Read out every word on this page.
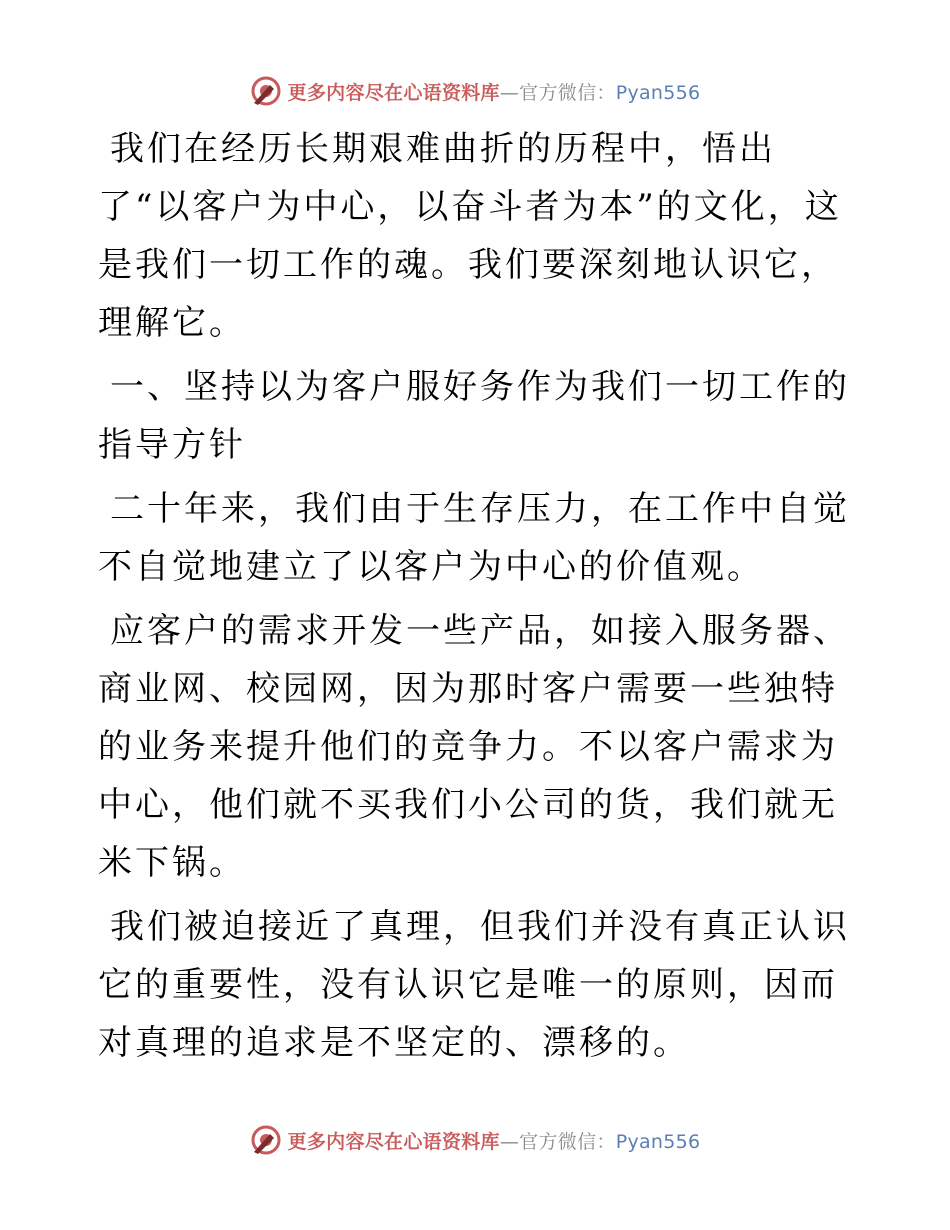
更多内容尽在心语资料库—官方微信：Pyan556

我们在经历长期艰难曲折的历程中，悟出了“以客户为中心，以奋斗者为本”的文化，这是我们一切工作的魂。我们要深刻地认识它，理解它。

一、坚持以为客户服好务作为我们一切工作的指导方针

二十年来，我们由于生存压力，在工作中自觉不自觉地建立了以客户为中心的价值观。

应客户的需求开发一些产品，如接入服务器、商业网、校园网，因为那时客户需要一些独特的业务来提升他们的竞争力。不以客户需求为中心，他们就不买我们小公司的货，我们就无米下锅。

我们被迫接近了真理，但我们并没有真正认识它的重要性，没有认识它是唯一的原则，因而对真理的追求是不坚定的、漂移的。

更多内容尽在心语资料库—官方微信：Pyan556
